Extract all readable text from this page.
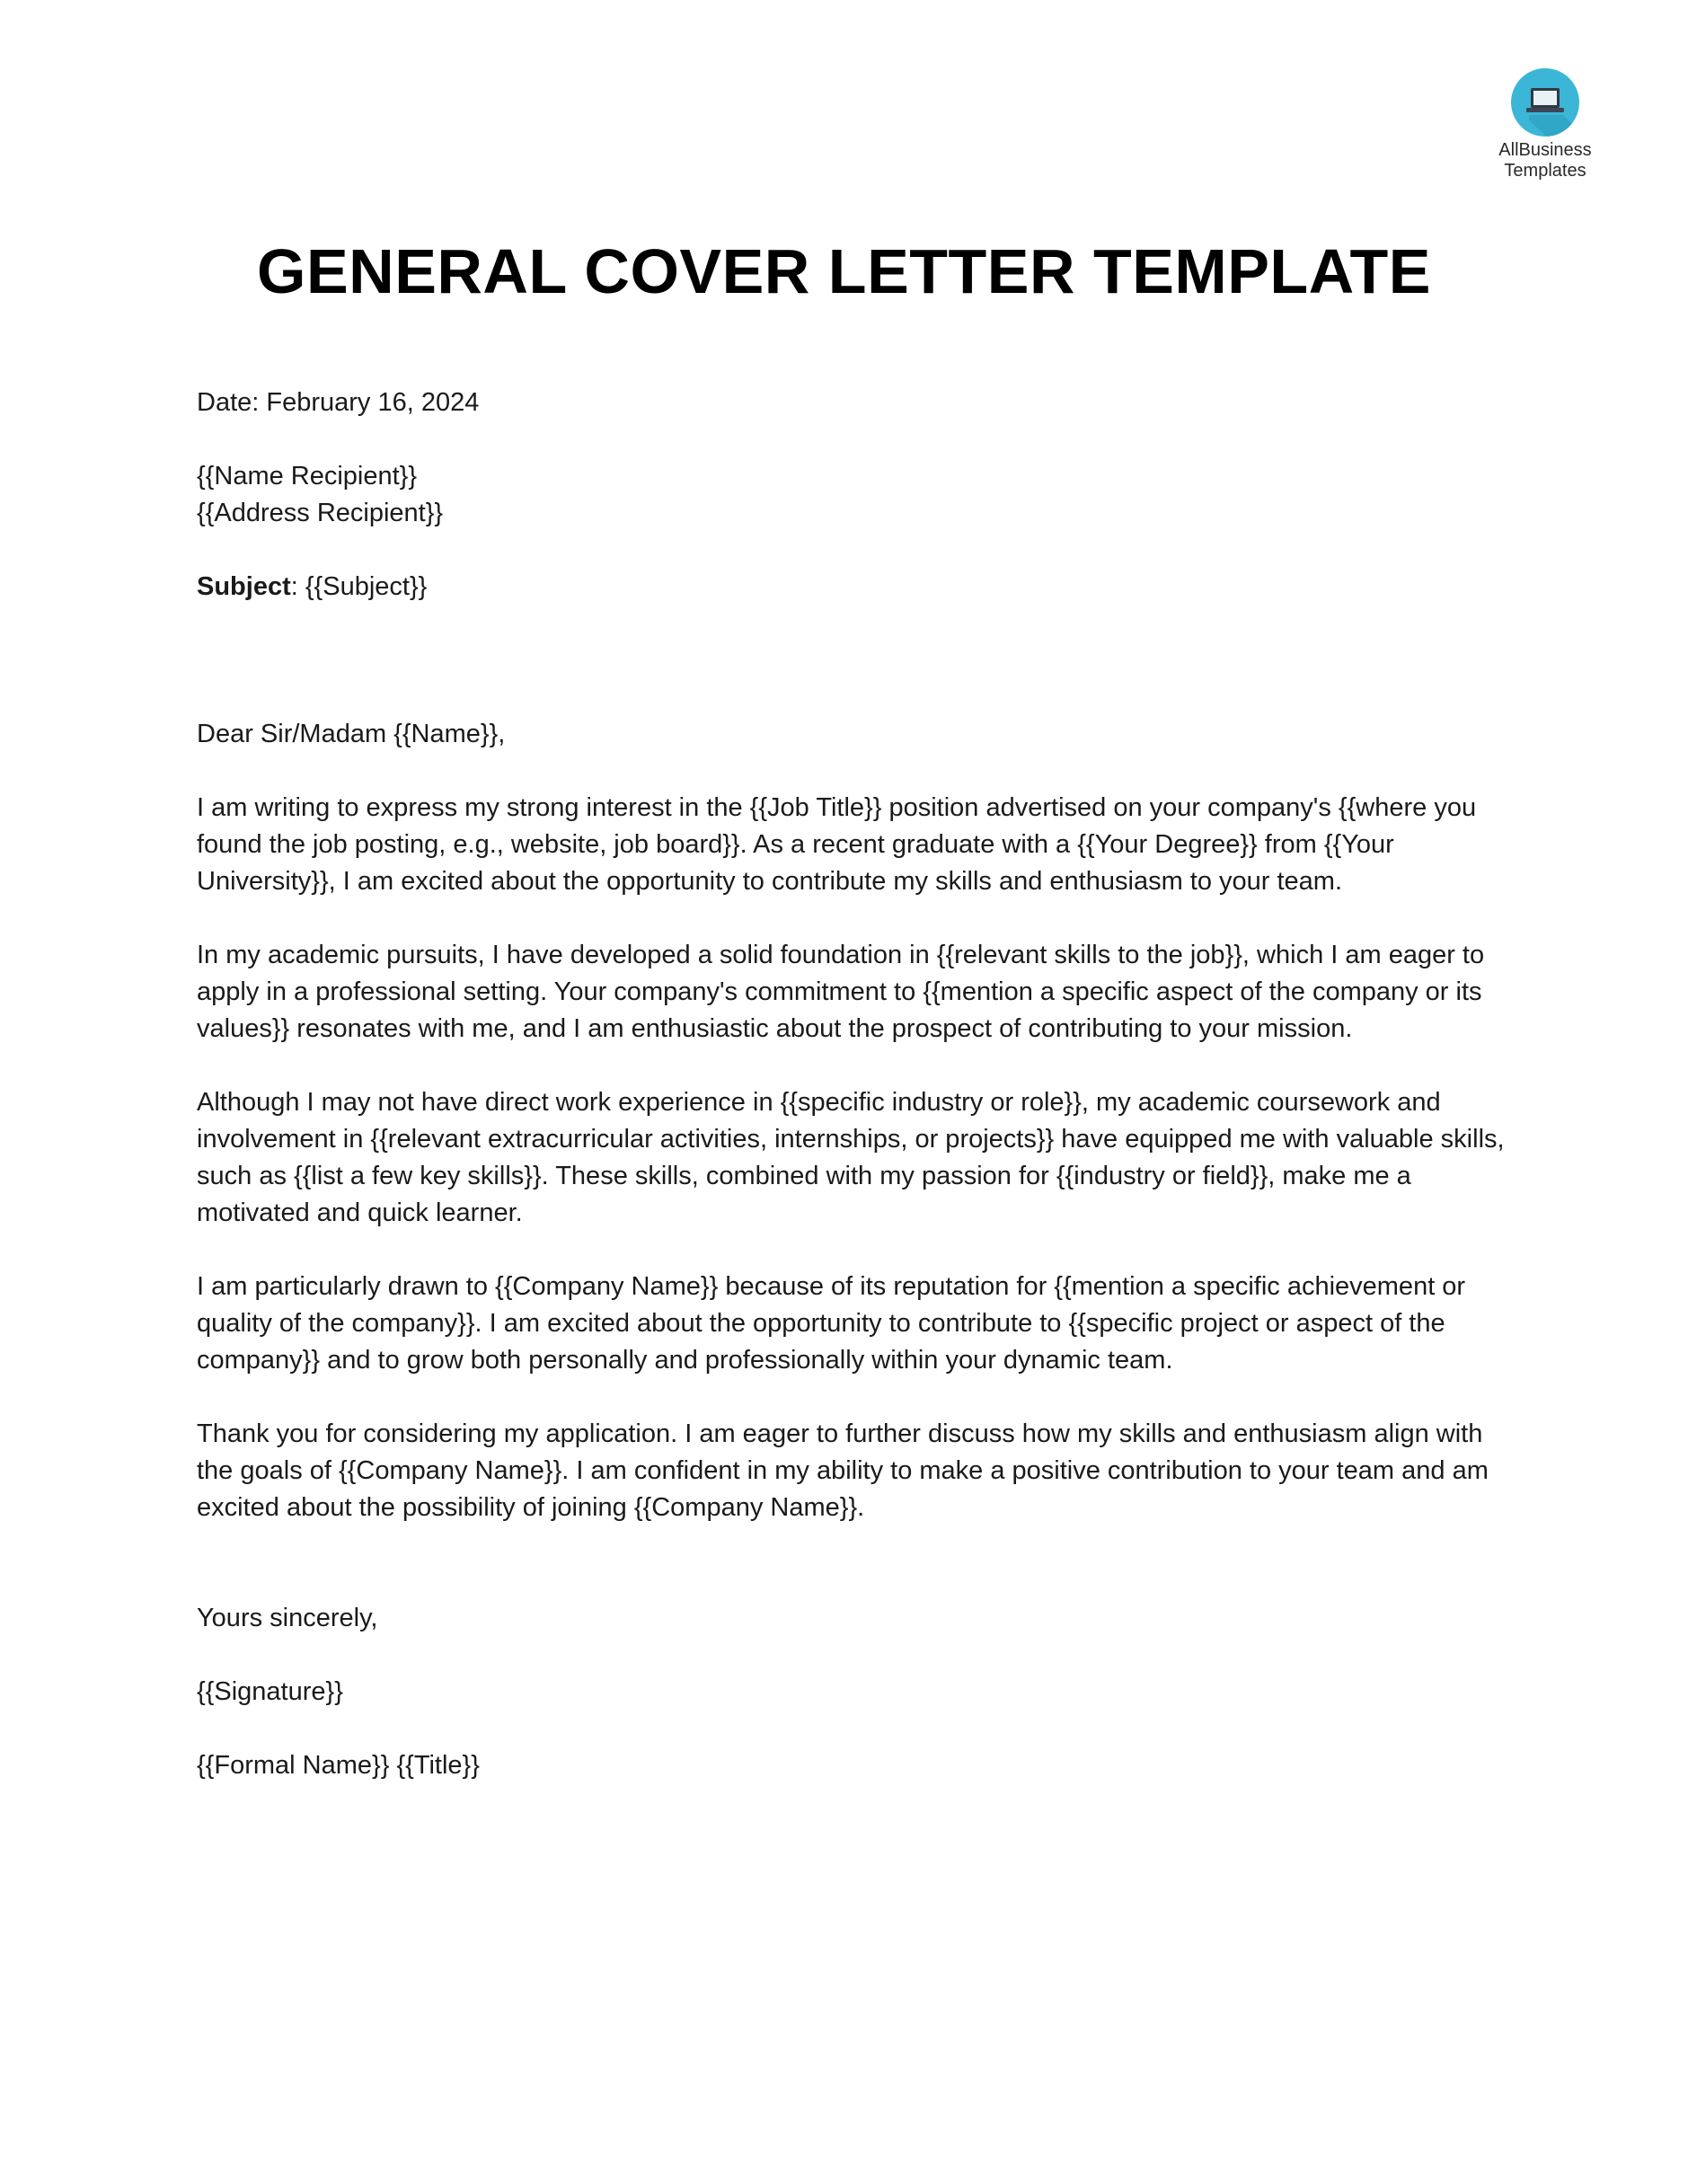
AllBusiness
Templates
GENERAL COVER LETTER TEMPLATE

Date: February 16, 2024

{{Name Recipient}}

{{Address Recipient}}

Subject: {{Subject}}

Dear Sir/Madam {{Name}},

I am writing to express my strong interest in the {{Job Title}} position advertised on your company's {{where you found the job posting, e.g., website, job board}}. As a recent graduate with a {{Your Degree}} from {{Your University}}, I am excited about the opportunity to contribute my skills and enthusiasm to your team.

In my academic pursuits, I have developed a solid foundation in {{relevant skills to the job}}, which I am eager to apply in a professional setting. Your company's commitment to {{mention a specific aspect of the company or its values}} resonates with me, and I am enthusiastic about the prospect of contributing to your mission.

Although I may not have direct work experience in {{specific industry or role}}, my academic coursework and involvement in {{relevant extracurricular activities, internships, or projects}} have equipped me with valuable skills, such as {{list a few key skills}}. These skills, combined with my passion for {{industry or field}}, make me a motivated and quick learner.

I am particularly drawn to {{Company Name}} because of its reputation for {{mention a specific achievement or quality of the company}}. I am excited about the opportunity to contribute to {{specific project or aspect of the company}} and to grow both personally and professionally within your dynamic team.

Thank you for considering my application. I am eager to further discuss how my skills and enthusiasm align with the goals of {{Company Name}}. I am confident in my ability to make a positive contribution to your team and am excited about the possibility of joining {{Company Name}}.

Yours sincerely,

{{Signature}}

{{Formal Name}} {{Title}}
